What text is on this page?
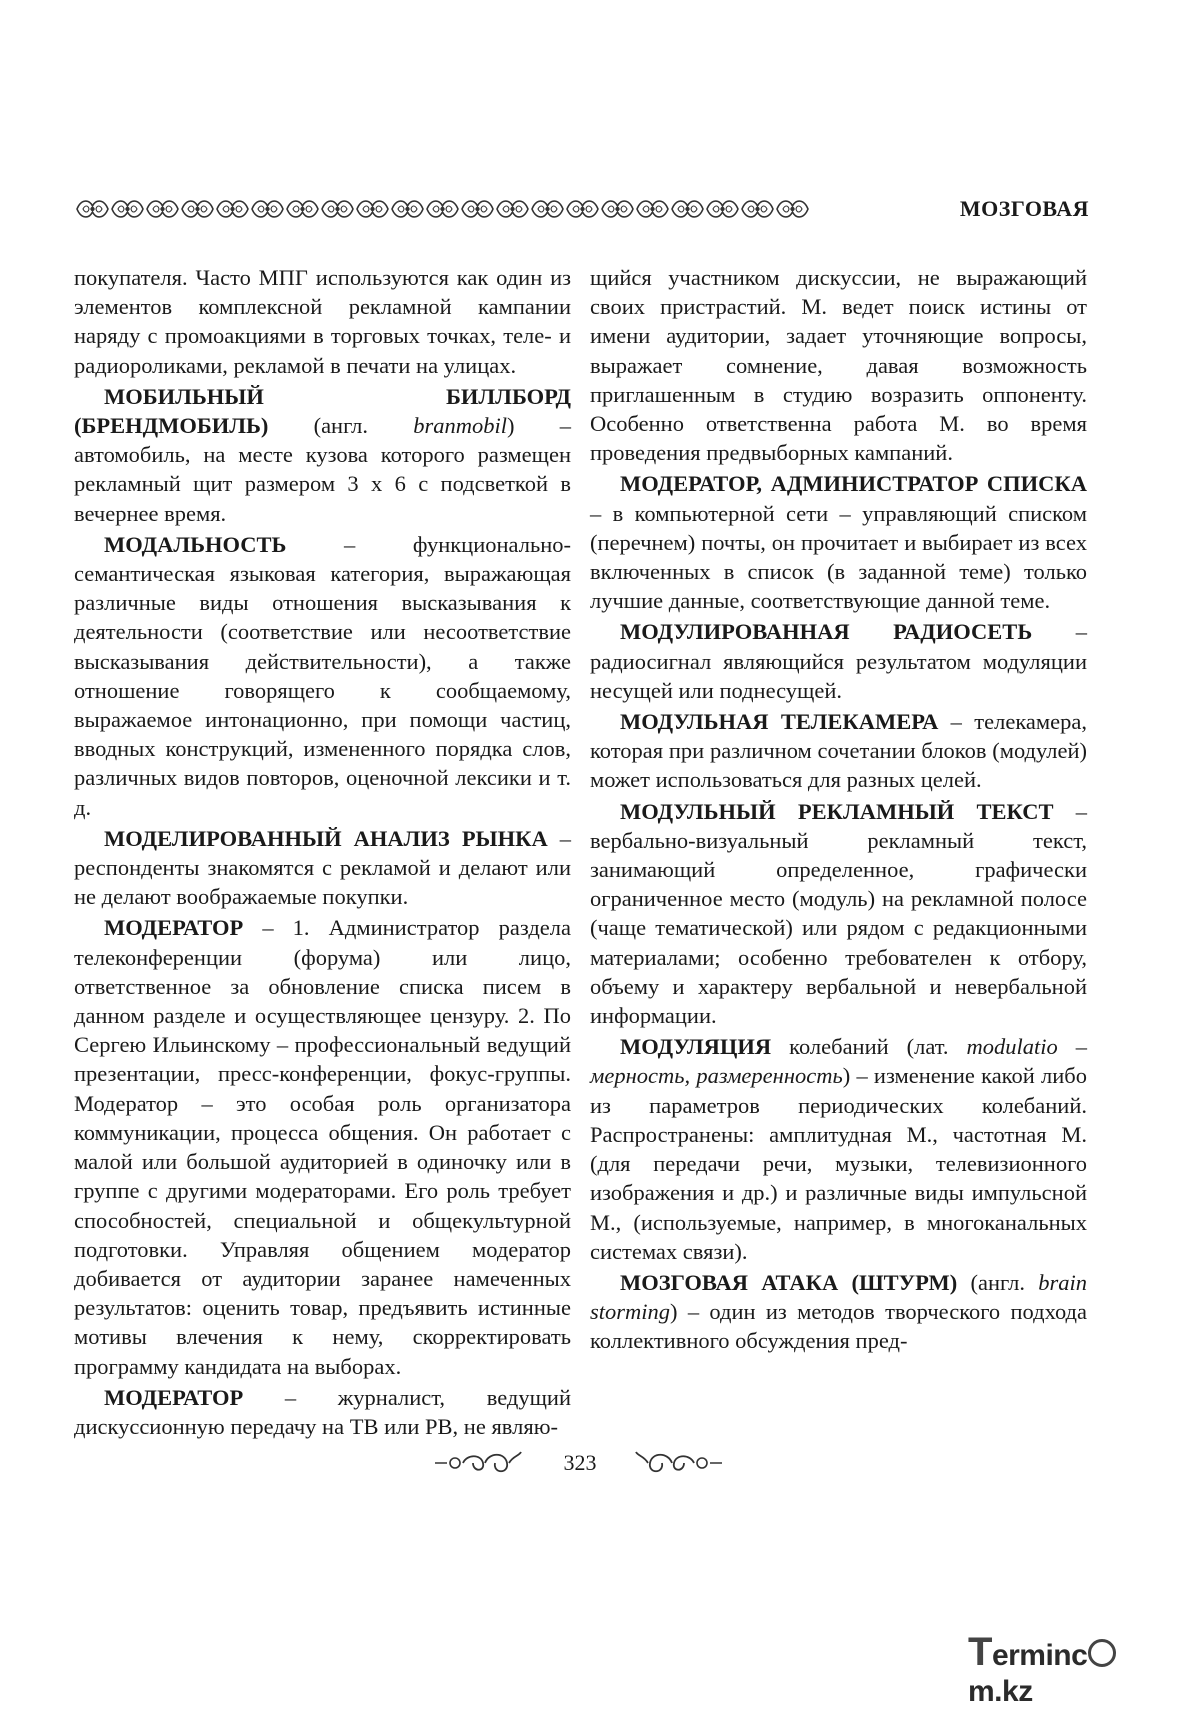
МОЗГОВАЯ

покупателя. Часто МПГ используются как один из элементов комплексной рекламной кампании наряду с промоакциями в торговых точках, теле- и радиороликами, рекламой в печати на улицах.

МОБИЛЬНЫЙ БИЛЛБОРД (БРЕНДМОБИЛЬ) (англ. branmobil) – автомобиль, на месте кузова которого размещен рекламный щит размером 3 х 6 с подсветкой в вечернее время.

МОДАЛЬНОСТЬ – функционально-семантическая языковая категория, выражающая различные виды отношения высказывания к деятельности (соответствие или несоответствие высказывания действительности), а также отношение говорящего к сообщаемому, выражаемое интонационно, при помощи частиц, вводных конструкций, измененного порядка слов, различных видов повторов, оценочной лексики и т. д.

МОДЕЛИРОВАННЫЙ АНАЛИЗ РЫНКА – респонденты знакомятся с рекламой и делают или не делают воображаемые покупки.

МОДЕРАТОР – 1. Администратор раздела телеконференции (форума) или лицо, ответственное за обновление списка писем в данном разделе и осуществляющее цензуру. 2. По Сергею Ильинскому – профессиональный ведущий презентации, пресс-конференции, фокус-группы. Модератор – это особая роль организатора коммуникации, процесса общения. Он работает с малой или большой аудиторией в одиночку или в группе с другими модераторами. Его роль требует способностей, специальной и общекультурной подготовки. Управляя общением модератор добивается от аудитории заранее намеченных результатов: оценить товар, предъявить истинные мотивы влечения к нему, скорректировать программу кандидата на выборах.

МОДЕРАТОР – журналист, ведущий дискуссионную передачу на ТВ или РВ, не являю-

щийся участником дискуссии, не выражающий своих пристрастий. М. ведет поиск истины от имени аудитории, задает уточняющие вопросы, выражает сомнение, давая возможность приглашенным в студию возразить оппоненту. Особенно ответственна работа М. во время проведения предвыборных кампаний.

МОДЕРАТОР, АДМИНИСТРАТОР СПИСКА – в компьютерной сети – управляющий списком (перечнем) почты, он прочитает и выбирает из всех включенных в список (в заданной теме) только лучшие данные, соответствующие данной теме.

МОДУЛИРОВАННАЯ РАДИОСЕТЬ – радиосигнал являющийся результатом модуляции несущей или поднесущей.

МОДУЛЬНАЯ ТЕЛЕКАМЕРА – телекамера, которая при различном сочетании блоков (модулей) может использоваться для разных целей.

МОДУЛЬНЫЙ РЕКЛАМНЫЙ ТЕКСТ – вербально-визуальный рекламный текст, занимающий определенное, графически ограниченное место (модуль) на рекламной полосе (чаще тематической) или рядом с редакционными материалами; особенно требователен к отбору, объему и характеру вербальной и невербальной информации.

МОДУЛЯЦИЯ колебаний (лат. modulatio – мерность, размеренность) – изменение какой либо из параметров периодических колебаний. Распространены: амплитудная М., частотная М. (для передачи речи, музыки, телевизионного изображения и др.) и различные виды импульсной М., (используемые, например, в многоканальных системах связи).

МОЗГОВАЯ АТАКА (ШТУРМ) (англ. brain storming) – один из методов творческого подхода коллективного обсуждения пред-

323
Termincm.kz
